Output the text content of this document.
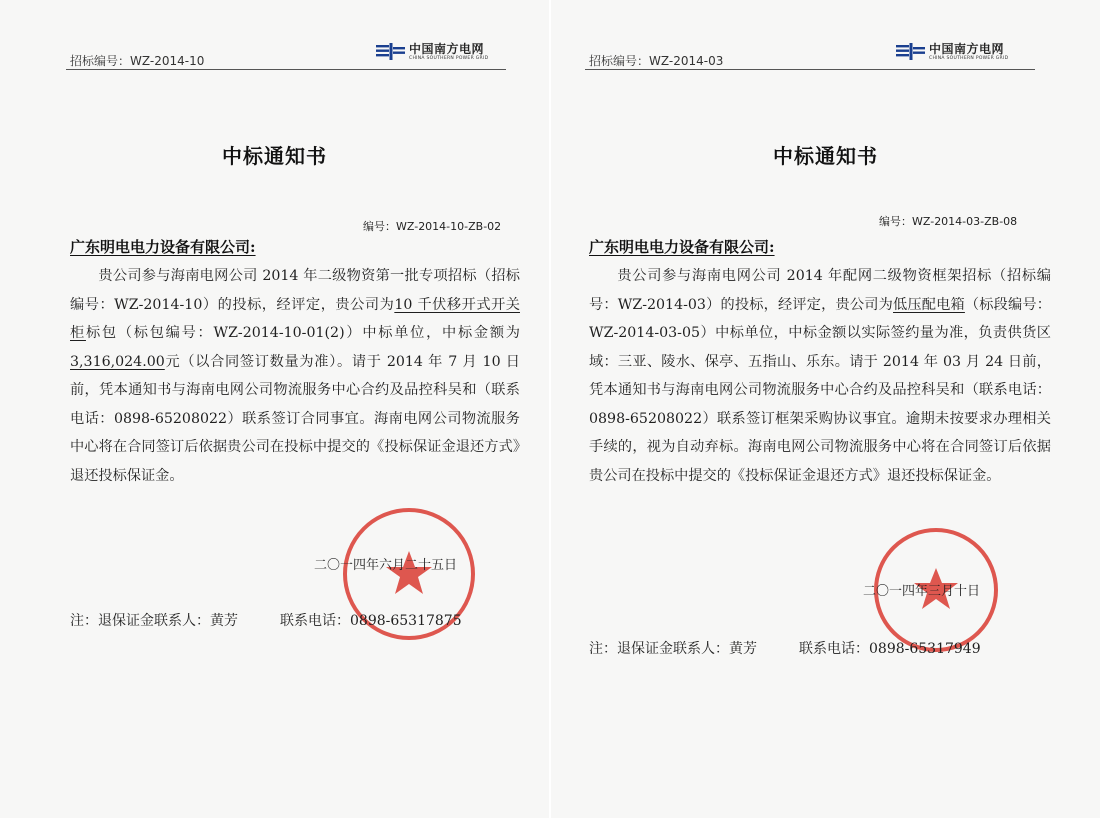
招标编号：WZ-2014-10
中国南方电网
CHINA SOUTHERN POWER GRID
中标通知书
编号：WZ-2014-10-ZB-02
广东明电电力设备有限公司:
贵公司参与海南电网公司 2014 年二级物资第一批专项招标（招标编号：WZ-2014-10）的投标，经评定，贵公司为10 千伏移开式开关柜标包（标包编号：WZ-2014-10-01(2)）中标单位，中标金额为 3,316,024.00元（以合同签订数量为准）。请于 2014 年 7 月 10 日前，凭本通知书与海南电网公司物流服务中心合约及品控科吴和（联系电话：0898-65208022）联系签订合同事宜。海南电网公司物流服务中心将在合同签订后依据贵公司在投标中提交的《投标保证金退还方式》退还投标保证金。
二〇一四年六月二十五日
注：退保证金联系人：黄芳	联系电话：0898-65317875
招标编号：WZ-2014-03
中国南方电网
CHINA SOUTHERN POWER GRID
中标通知书
编号：WZ-2014-03-ZB-08
广东明电电力设备有限公司:
贵公司参与海南电网公司 2014 年配网二级物资框架招标（招标编号：WZ-2014-03）的投标，经评定，贵公司为低压配电箱（标段编号：WZ-2014-03-05）中标单位，中标金额以实际签约量为准，负责供货区域：三亚、陵水、保亭、五指山、乐东。请于 2014 年 03 月 24 日前，凭本通知书与海南电网公司物流服务中心合约及品控科吴和（联系电话：0898-65208022）联系签订框架采购协议事宜。逾期未按要求办理相关手续的，视为自动弃标。海南电网公司物流服务中心将在合同签订后依据贵公司在投标中提交的《投标保证金退还方式》退还投标保证金。
二〇一四年三月十日
注：退保证金联系人：黄芳	联系电话：0898-65317949
